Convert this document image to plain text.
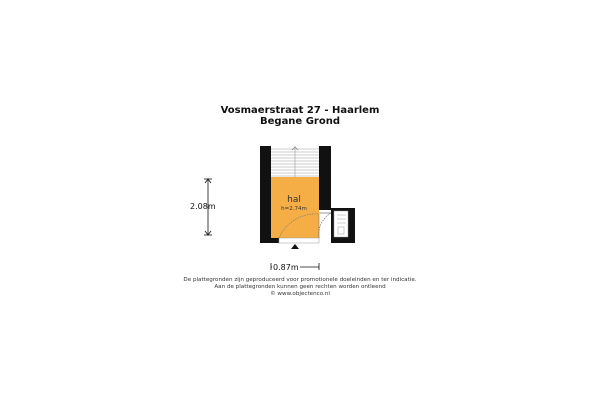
Vosmaerstraat 27 - Haarlem
Begane Grond
hal
h=2.74m
2.08m
0.87m
De plattegronden zijn geproduceerd voor promotionele doeleinden en ter indicatie.
Aan de plattegronden kunnen geen rechten worden ontleend
© www.objectenco.nl
